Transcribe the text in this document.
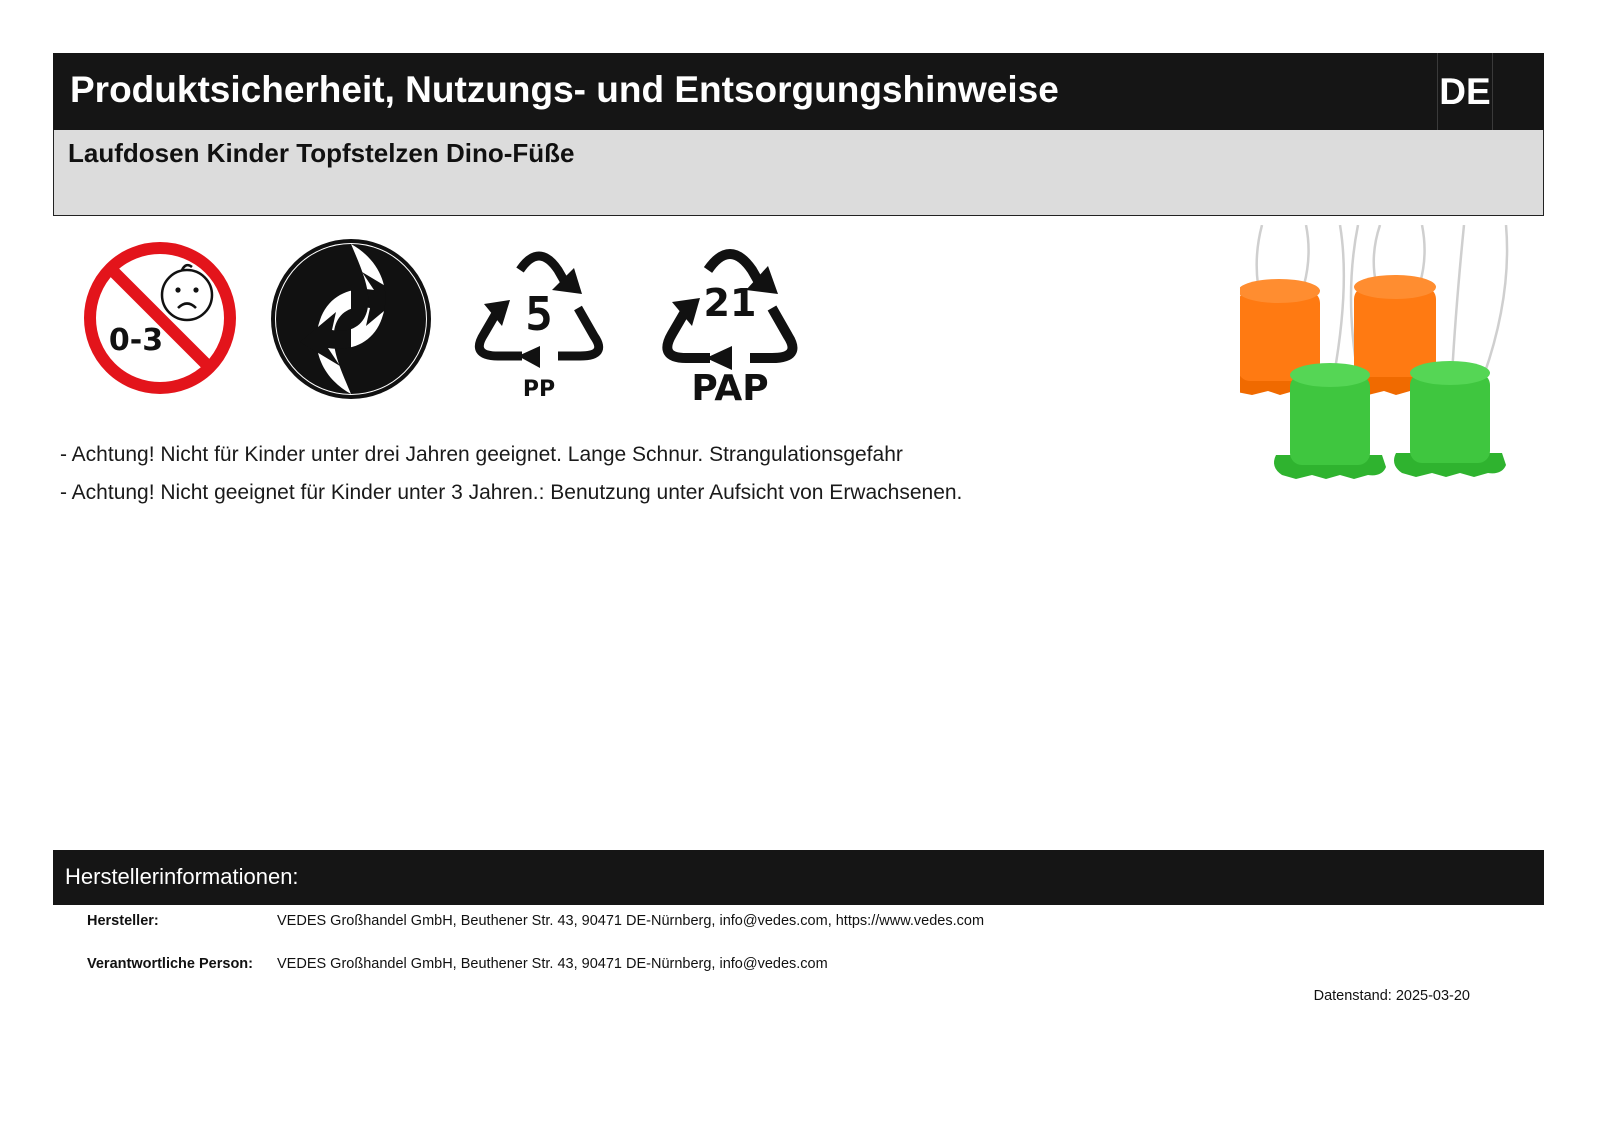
Produktsicherheit, Nutzungs- und Entsorgungshinweise	DE
Laufdosen Kinder Topfstelzen Dino-Füße
0-3	5
PP
21
PAP
- Achtung! Nicht für Kinder unter drei Jahren geeignet. Lange Schnur. Strangulationsgefahr
- Achtung! Nicht geeignet für Kinder unter 3 Jahren.: Benutzung unter Aufsicht von Erwachsenen.
Herstellerinformationen:
Hersteller:	VEDES Großhandel GmbH, Beuthener Str. 43, 90471 DE-Nürnberg, info@vedes.com, https://www.vedes.com
Verantwortliche Person: VEDES Großhandel GmbH, Beuthener Str. 43, 90471 DE-Nürnberg, info@vedes.com
Datenstand: 2025-03-20
